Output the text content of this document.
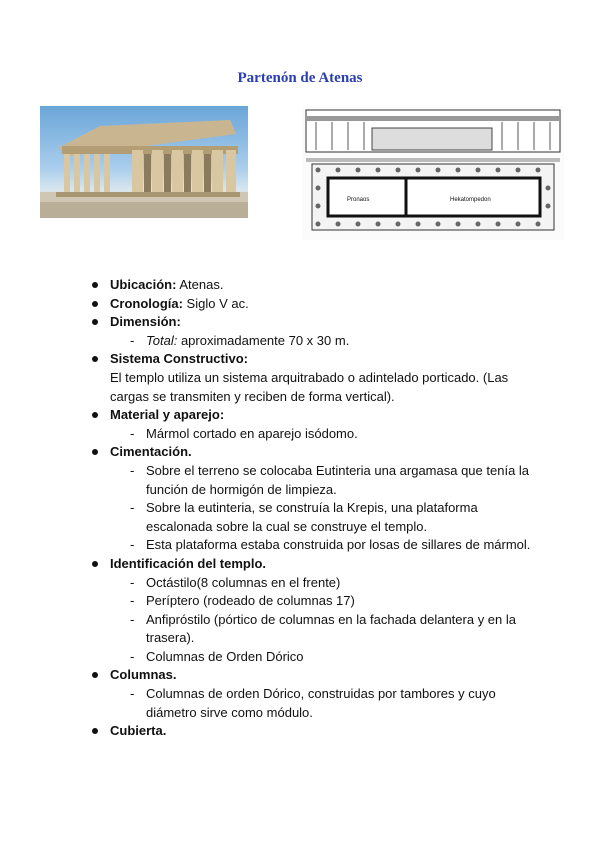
Partenón de Atenas
Pronaos	Hekatompedon
Ubicación: Atenas.
Cronología: Siglo V ac.
Dimensión:
- Total: aproximadamente 70 x 30 m.
Sistema Constructivo:
El templo utiliza un sistema arquitrabado o adintelado porticado. (Las cargas se transmiten y reciben de forma vertical).
Material y aparejo:
- Mármol cortado en aparejo isódomo.
Cimentación.
- Sobre el terreno se colocaba Eutinteria una argamasa que tenía la función de hormigón de limpieza.
- Sobre la eutinteria, se construía la Krepis, una plataforma escalonada sobre la cual se construye el templo.
- Esta plataforma estaba construida por losas de sillares de mármol.
Identificación del templo.
- Octástilo(8 columnas en el frente)
- Períptero (rodeado de columnas 17)
- Anfipróstilo (pórtico de columnas en la fachada delantera y en la trasera).
- Columnas de Orden Dórico
Columnas.
- Columnas de orden Dórico, construidas por tambores y cuyo diámetro sirve como módulo.
Cubierta.
